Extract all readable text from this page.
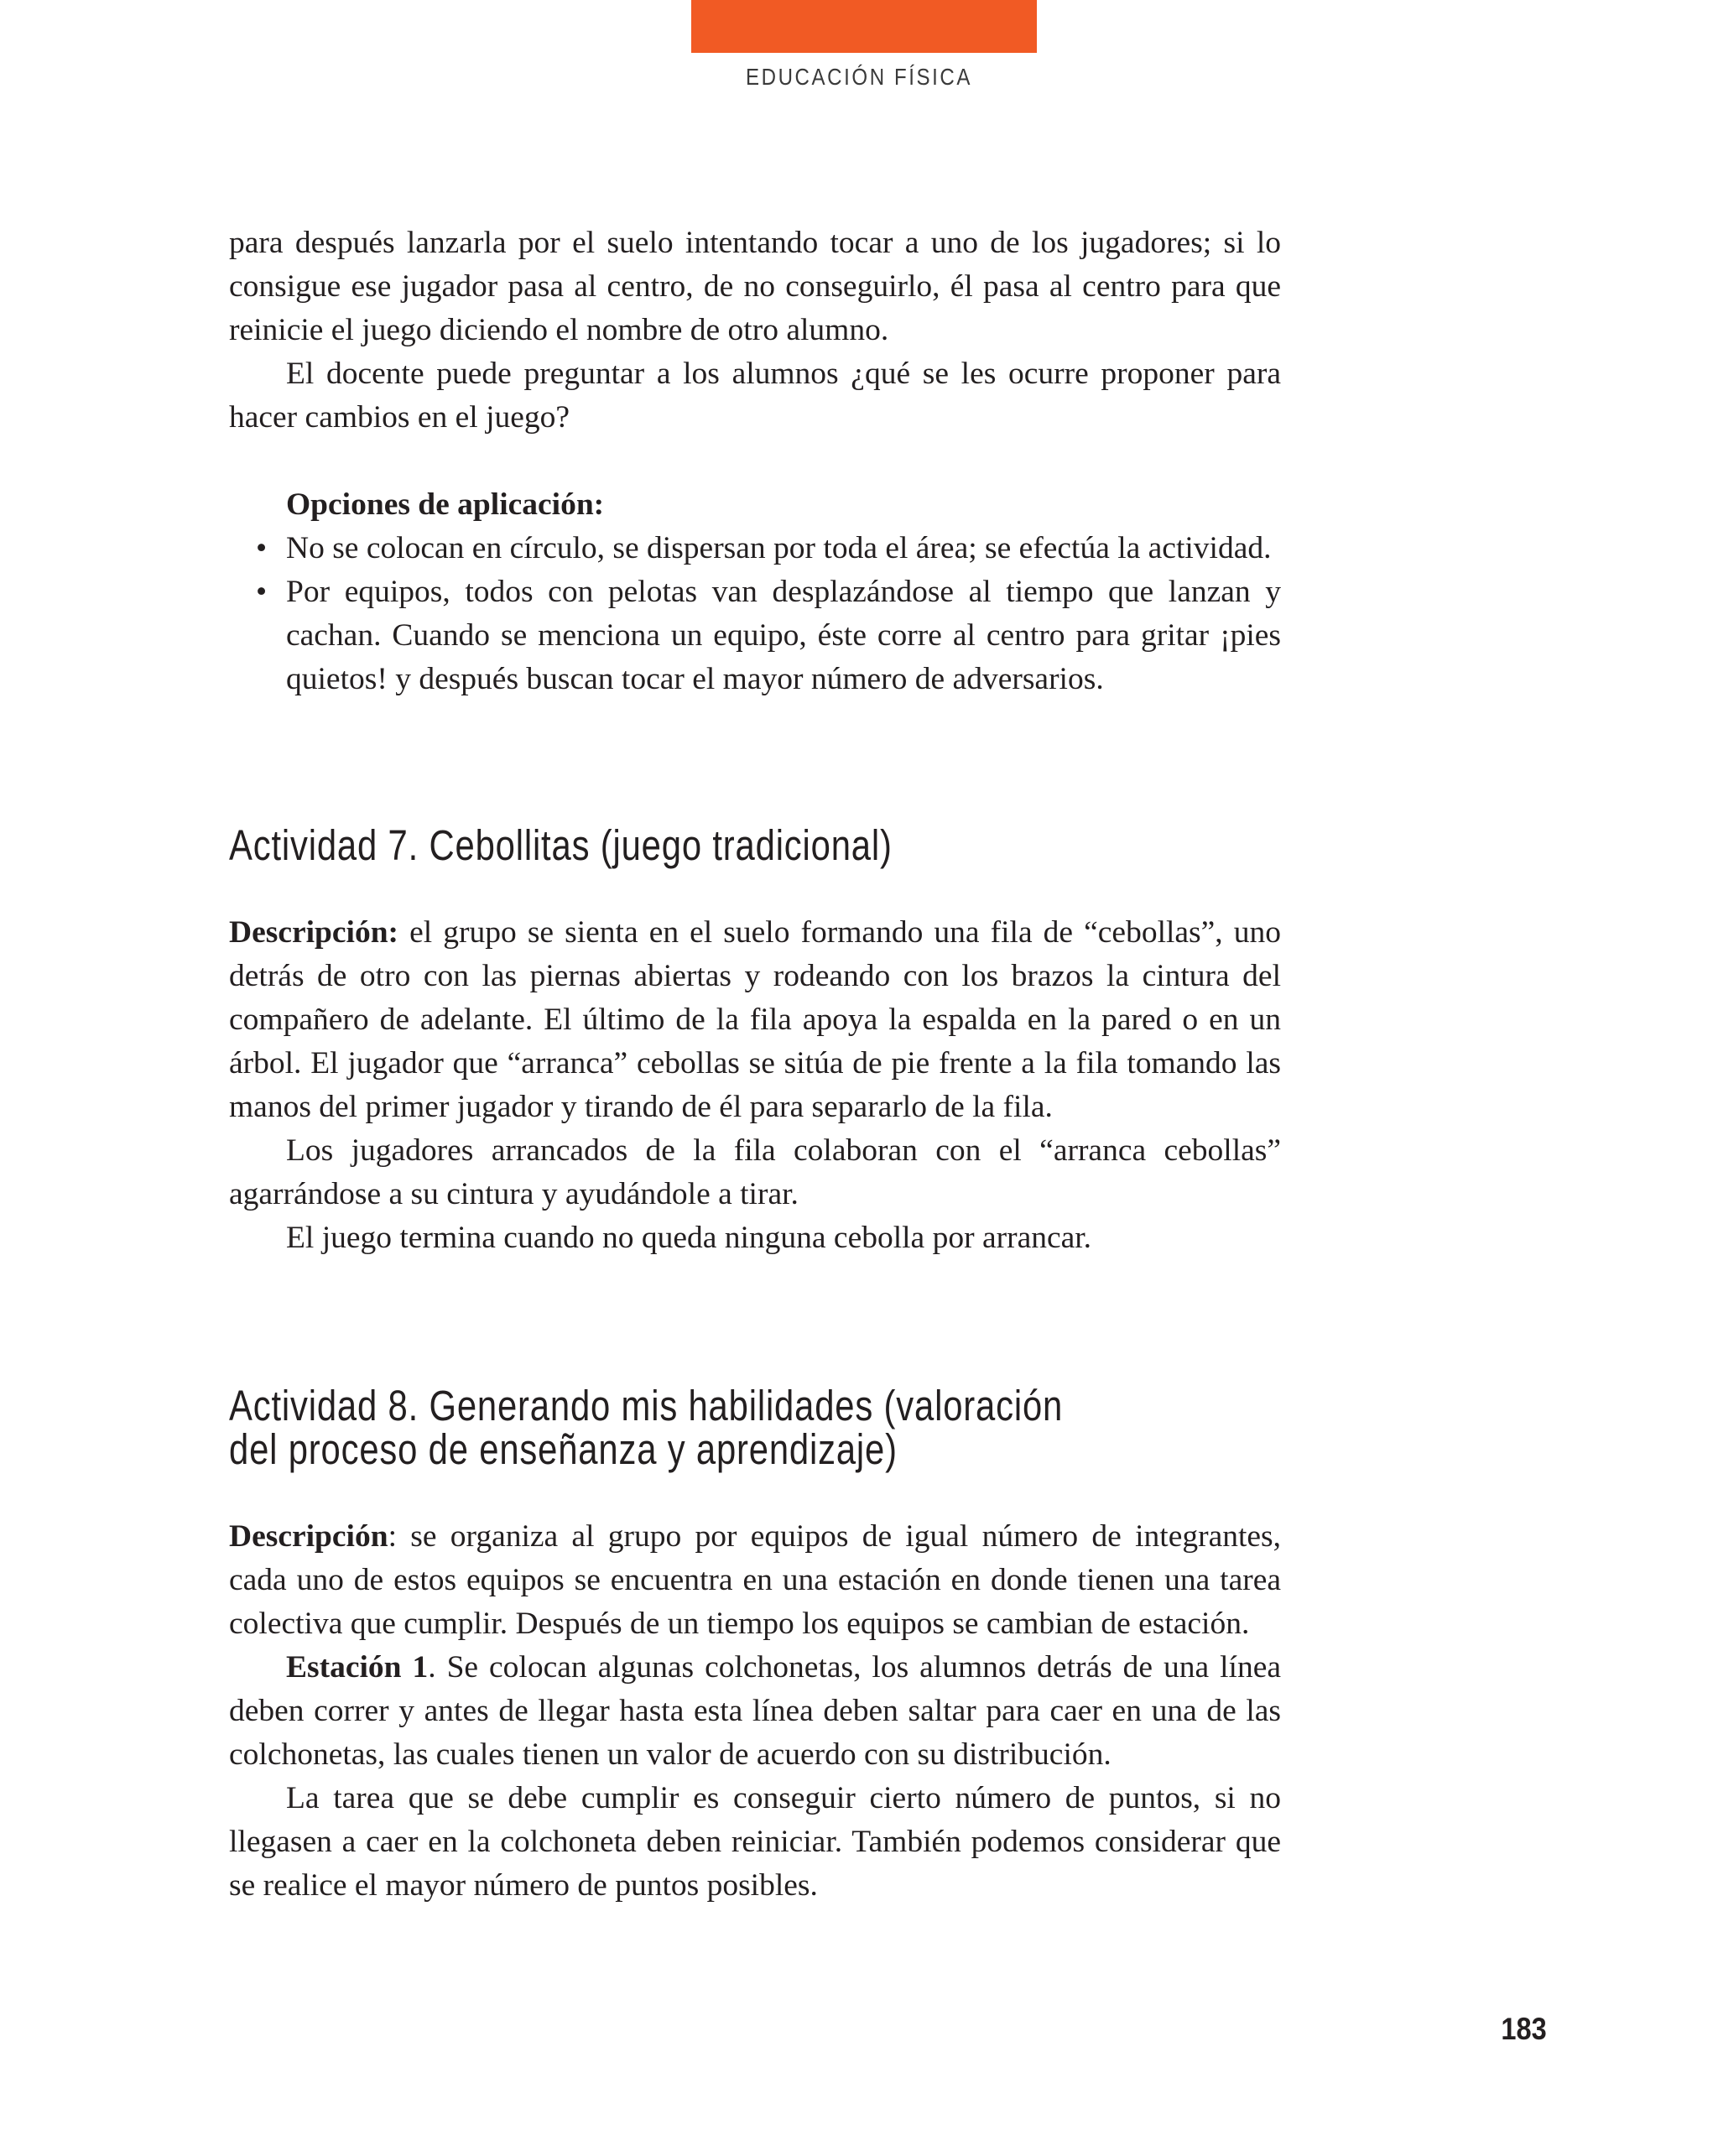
EDUCACIÓN FÍSICA

para después lanzarla por el suelo intentando tocar a uno de los jugadores; si lo consigue ese jugador pasa al centro, de no conseguirlo, él pasa al centro para que reinicie el juego diciendo el nombre de otro alumno.

El docente puede preguntar a los alumnos ¿qué se les ocurre proponer para hacer cambios en el juego?

Opciones de aplicación:
• No se colocan en círculo, se dispersan por toda el área; se efectúa la actividad.
• Por equipos, todos con pelotas van desplazándose al tiempo que lanzan y cachan. Cuando se menciona un equipo, éste corre al centro para gritar ¡pies quietos! y después buscan tocar el mayor número de adversarios.
Actividad 7. Cebollitas (juego tradicional)

Descripción: el grupo se sienta en el suelo formando una fila de “cebollas”, uno detrás de otro con las piernas abiertas y rodeando con los brazos la cintura del compañero de adelante. El último de la fila apoya la espalda en la pared o en un árbol. El jugador que “arranca” cebollas se sitúa de pie frente a la fila tomando las manos del primer jugador y tirando de él para separarlo de la fila.

Los jugadores arrancados de la fila colaboran con el “arranca cebollas” agarrándose a su cintura y ayudándole a tirar.

El juego termina cuando no queda ninguna cebolla por arrancar.

Actividad 8. Generando mis habilidades (valoración
del proceso de enseñanza y aprendizaje)

Descripción: se organiza al grupo por equipos de igual número de integrantes, cada uno de estos equipos se encuentra en una estación en donde tienen una tarea colectiva que cumplir. Después de un tiempo los equipos se cambian de estación.

Estación 1. Se colocan algunas colchonetas, los alumnos detrás de una línea deben correr y antes de llegar hasta esta línea deben saltar para caer en una de las colchonetas, las cuales tienen un valor de acuerdo con su distribución.

La tarea que se debe cumplir es conseguir cierto número de puntos, si no llegasen a caer en la colchoneta deben reiniciar. También podemos considerar que se realice el mayor número de puntos posibles.

183
